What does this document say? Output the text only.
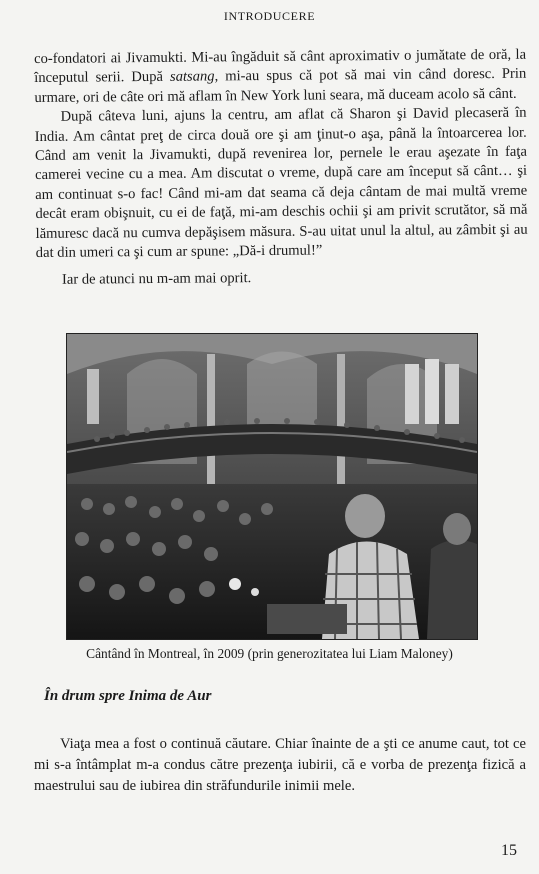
INTRODUCERE

co-fondatori ai Jivamukti. Mi-au îngăduit să cânt aproximativ o jumătate de oră, la începutul serii. După satsang, mi-au spus că pot să mai vin când doresc. Prin urmare, ori de câte ori mă aflam în New York luni seara, mă duceam acolo să cânt.

După câteva luni, ajuns la centru, am aflat că Sharon şi David plecaseră în India. Am cântat preţ de circa două ore şi am ţinut-o aşa, până la întoarcerea lor. Când am venit la Jivamukti, după revenirea lor, pernele le erau aşezate în faţa camerei vecine cu a mea. Am discutat o vreme, după care am început să cânt… şi am continuat s-o fac! Când mi-am dat seama că deja cântam de mai multă vreme decât eram obişnuit, cu ei de faţă, mi-am deschis ochii şi am privit scrutător, să mă lămuresc dacă nu cumva depăşisem măsura. S-au uitat unul la altul, au zâmbit şi au dat din umeri ca şi cum ar spune: „Dă-i drumul!”

Iar de atunci nu m-am mai oprit.

Cântând în Montreal, în 2009 (prin generozitatea lui Liam Maloney)
În drum spre Inima de Aur

Viaţa mea a fost o continuă căutare. Chiar înainte de a şti ce anume caut, tot ce mi s-a întâmplat m-a condus către prezenţa iubirii, că e vorba de prezenţa fizică a maestrului sau de iubirea din străfundurile inimii mele.

15
